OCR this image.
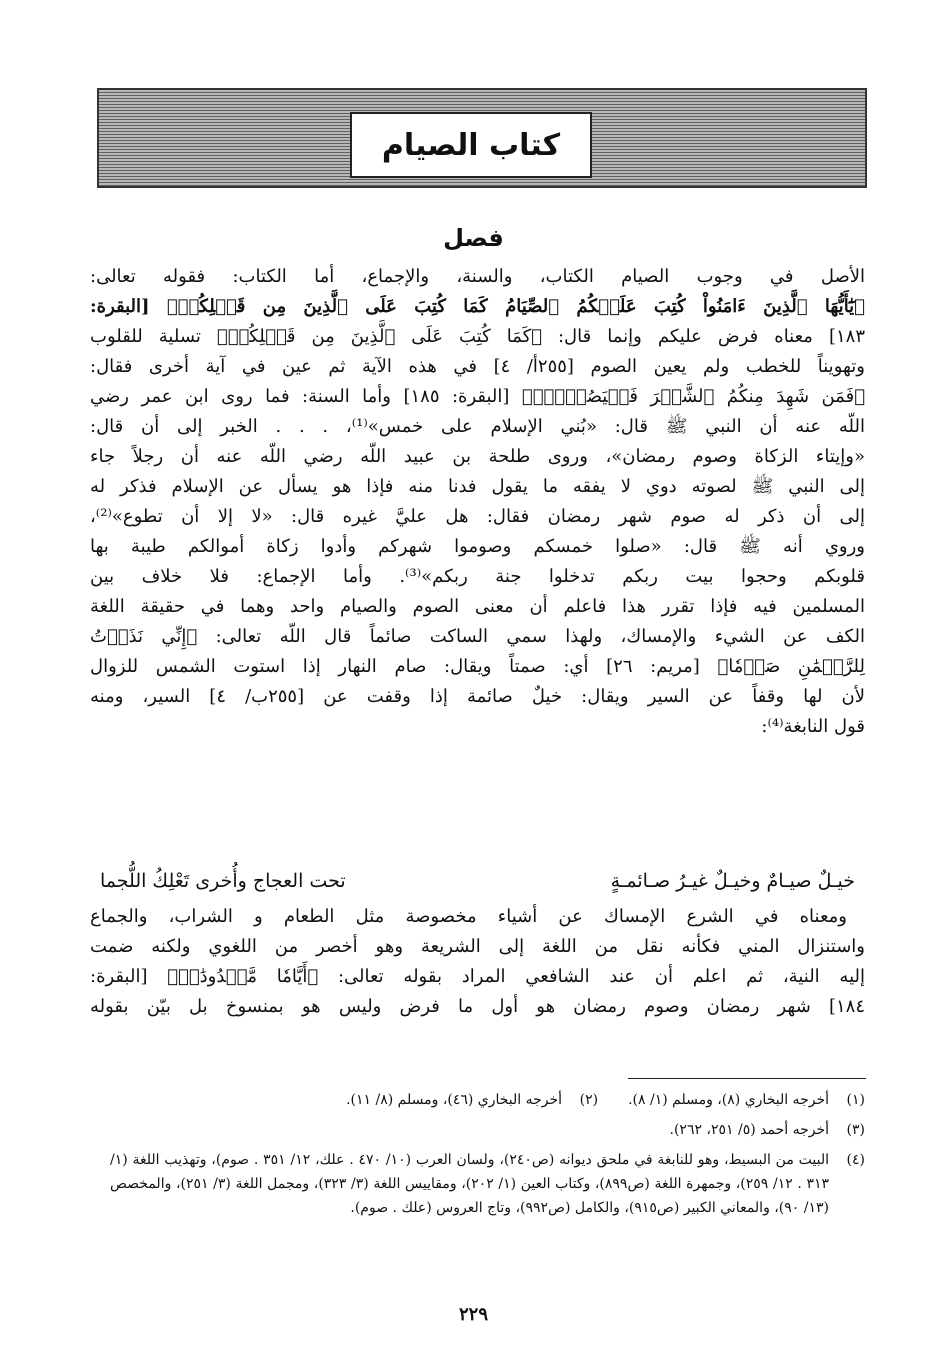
كتاب الصيام
فصل
الأصل في وجوب الصيام الكتاب، والسنة، والإجماع، أما الكتاب: فقوله تعالى:
﴿يَٰٓأَيُّهَا ٱلَّذِينَ ءَامَنُواْ كُتِبَ عَلَيۡكُمُ ٱلصِّيَامُ كَمَا كُتِبَ عَلَى ٱلَّذِينَ مِن قَبۡلِكُمۡ﴾ [البقرة:
١٨٣] معناه فرض عليكم وإنما قال: ﴿كَمَا كُتِبَ عَلَى ٱلَّذِينَ مِن قَبۡلِكُمۡ﴾ تسلية للقلوب
وتهويناً للخطب ولم يعين الصوم [٢٥٥أ/ ٤] في هذه الآية ثم عين في آية أخرى فقال:
﴿فَمَن شَهِدَ مِنكُمُ ٱلشَّهۡرَ فَلۡيَصُمۡهُۖ﴾ [البقرة: ١٨٥] وأما السنة: فما روى ابن عمر رضي
اللّه عنه أن النبي ﷺ قال: «بُني الإسلام على خمس»⁽¹⁾، . . . الخبر إلى أن قال:
«وإيتاء الزكاة وصوم رمضان»، وروى طلحة بن عبيد اللّه رضي اللّه عنه أن رجلاً جاء
إلى النبي ﷺ لصوته دوي لا يفقه ما يقول فدنا منه فإذا هو يسأل عن الإسلام فذكر له
إلى أن ذكر له صوم شهر رمضان فقال: هل عليَّ غيره قال: «لا إلا أن تطوع»⁽²⁾،
وروي أنه ﷺ قال: «صلوا خمسكم وصوموا شهركم وأدوا زكاة أموالكم طيبة بها
قلوبكم وحجوا بيت ربكم تدخلوا جنة ربكم»⁽³⁾. وأما الإجماع: فلا خلاف بين
المسلمين فيه فإذا تقرر هذا فاعلم أن معنى الصوم والصيام واحد وهما في حقيقة اللغة
الكف عن الشيء والإمساك، ولهذا سمي الساكت صائماً قال اللّه تعالى: ﴿إِنِّي نَذَرۡتُ
لِلرَّحۡمَٰنِ صَوۡمٗا﴾ [مريم: ٢٦] أي: صمتاً ويقال: صام النهار إذا استوت الشمس للزوال
لأن لها وقفاً عن السير ويقال: خيلٌ صائمة إذا وقفت عن [٢٥٥ب/ ٤] السير، ومنه
قول النابغة⁽⁴⁾:
خيـلٌ صيـامٌ وخيـلٌ غيـرُ صـائمـةٍ
تحت العجاج وأُخرى تَعْلِكُ اللُّجما
ومعناه في الشرع الإمساك عن أشياء مخصوصة مثل الطعام و الشراب، والجماع
واستنزال المني فكأنه نقل من اللغة إلى الشريعة وهو أخصر من اللغوي ولكنه ضمت
إليه النية، ثم اعلم أن عند الشافعي المراد بقوله تعالى: ﴿أَيَّامٗا مَّعۡدُودَٰتٖ﴾ [البقرة:
١٨٤] شهر رمضان وصوم رمضان هو أول ما فرض وليس هو بمنسوخ بل بيّن بقوله
(١)
أخرجه البخاري (٨)، ومسلم (١/ ٨).
(٢)
أخرجه البخاري (٤٦)، ومسلم (٨/ ١١).
(٣)
أخرجه أحمد (٥/ ٢٥١، ٢٦٢).
(٤)
البيت من البسيط، وهو للنابغة في ملحق ديوانه (ص٢٤٠)، ولسان العرب (١٠/ ٤٧٠ . علك، ١٢/ ٣٥١ . صوم)، وتهذيب اللغة (١/ ٣١٣ . ١٢/ ٢٥٩)، وجمهرة اللغة (ص٨٩٩)، وكتاب العين (١/ ٢٠٢)، ومقاييس اللغة (٣/ ٣٢٣)، ومجمل اللغة (٣/ ٢٥١)، والمخصص (١٣/ ٩٠)، والمعاني الكبير (ص٩١٥)، والكامل (ص٩٩٢)، وتاج العروس (علك . صوم).
٢٢٩
